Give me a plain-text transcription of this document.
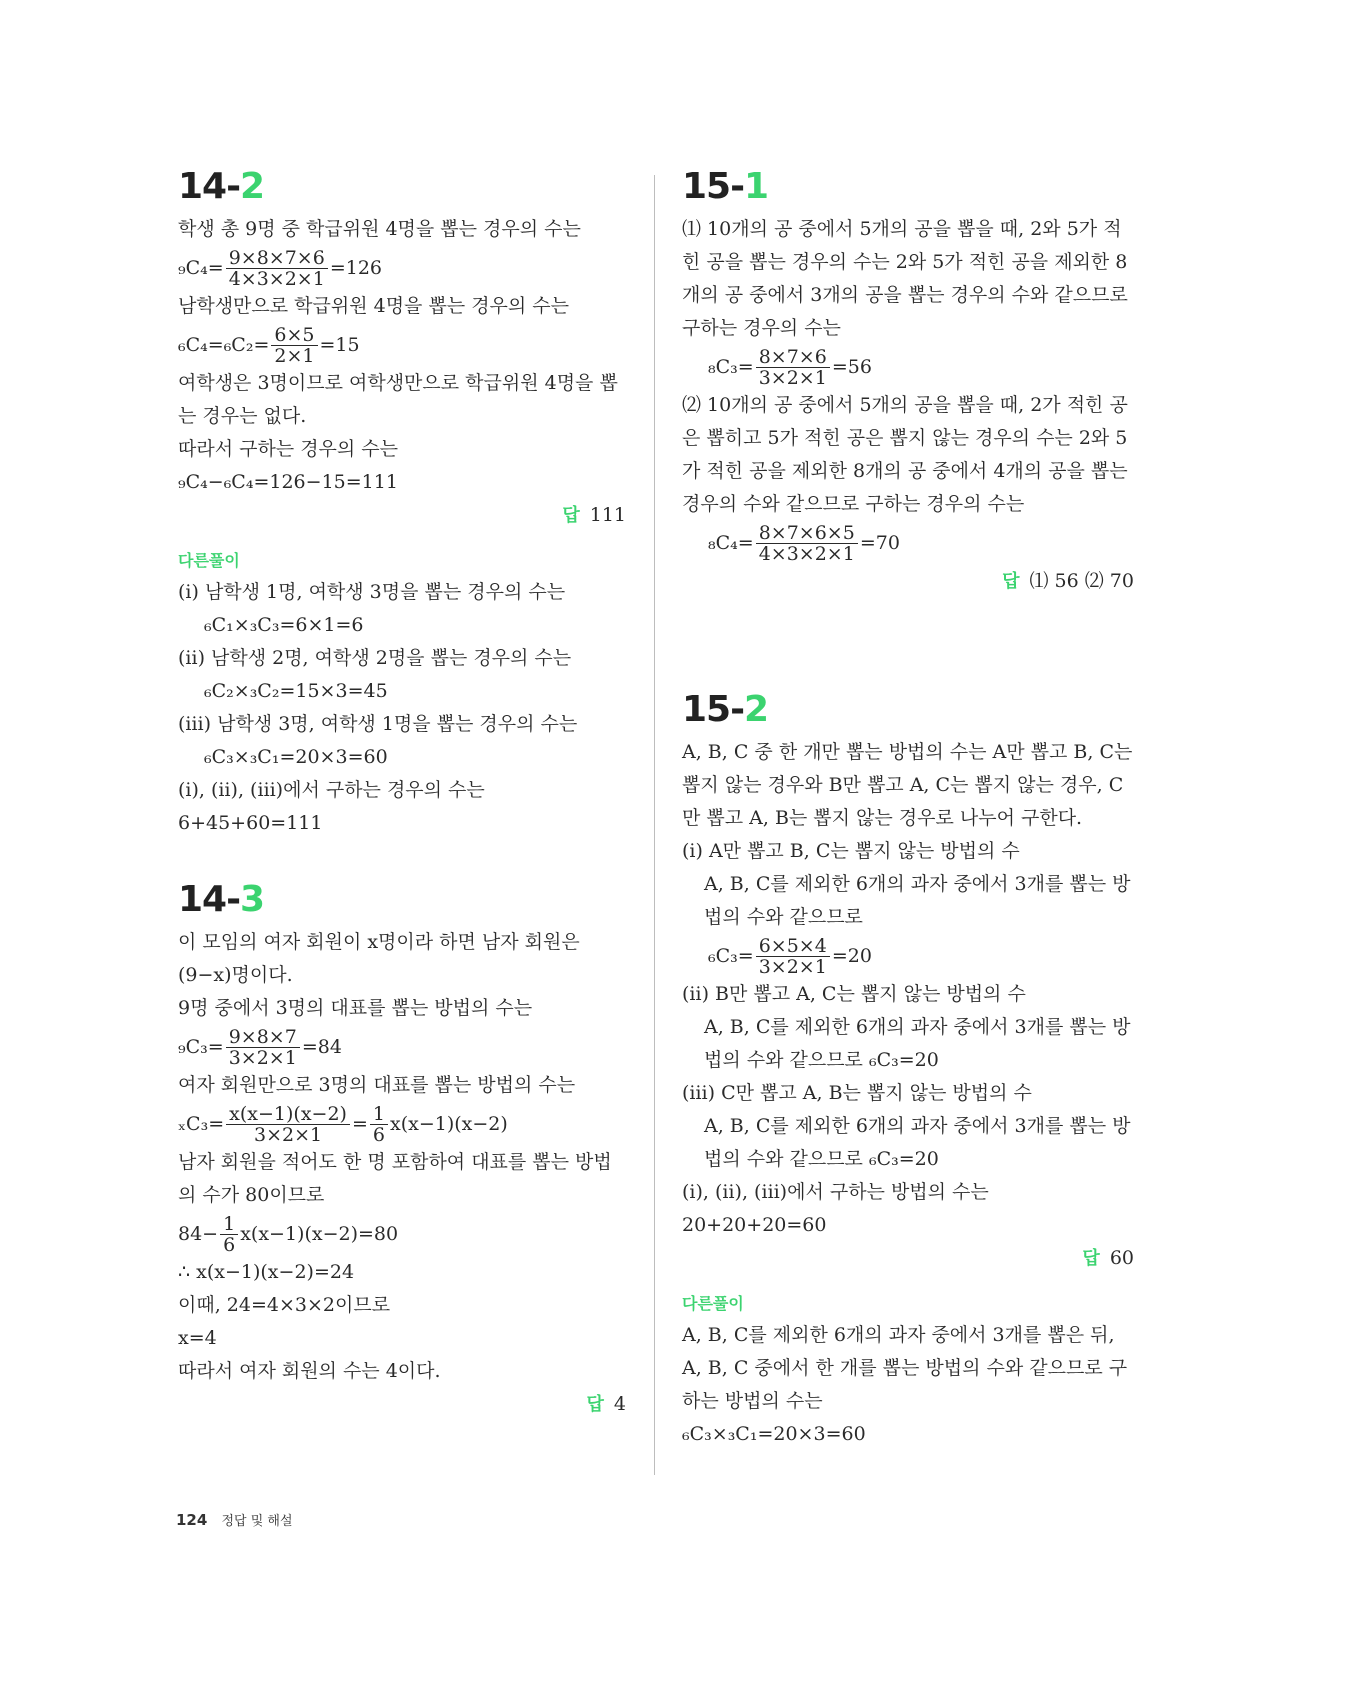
14-2
학생 총 9명 중 학급위원 4명을 뽑는 경우의 수는
$_9C_4= \frac{9\times 8\times 7\times 6}{4\times 3\times 2\times 1} =126$
남학생만으로 학급위원 4명을 뽑는 경우의 수는
$_6C_4=_6C_2= \frac{6\times 5}{2\times 1} =15$
여학생은 3명이므로 여학생만으로 학급위원 4명을 뽑는 경우는 없다.
따라서 구하는 경우의 수는
₉C₄−₆C₄=126−15=111
답 111
다른풀이
(ⅰ) 남학생 1명, 여학생 3명을 뽑는 경우의 수는
₆C₁×₃C₃=6×1=6
(ⅱ) 남학생 2명, 여학생 2명을 뽑는 경우의 수는
₆C₂×₃C₂=15×3=45
(ⅲ) 남학생 3명, 여학생 1명을 뽑는 경우의 수는
₆C₃×₃C₁=20×3=60
(ⅰ), (ⅱ), (ⅲ)에서 구하는 경우의 수는
6+45+60=111
14-3
이 모임의 여자 회원이 x명이라 하면 남자 회원은 (9−x)명이다.
9명 중에서 3명의 대표를 뽑는 방법의 수는
$_9C_3= \frac{9\times 8\times 7}{3\times 2\times 1} =84$
여자 회원만으로 3명의 대표를 뽑는 방법의 수는
$_xC_3= \frac{x(x-1)(x-2)}{3\times 2\times 1} = \frac{1}{6} x(x-1)(x-2)$
남자 회원을 적어도 한 명 포함하여 대표를 뽑는 방법의 수가 80이므로
$84- \frac{1}{6} x(x-1)(x-2)=80$
∴ x(x−1)(x−2)=24
이때, 24=4×3×2이므로
x=4
따라서 여자 회원의 수는 4이다.
답 4
15-1
⑴ 10개의 공 중에서 5개의 공을 뽑을 때, 2와 5가 적힌 공을 뽑는 경우의 수는 2와 5가 적힌 공을 제외한 8개의 공 중에서 3개의 공을 뽑는 경우의 수와 같으므로 구하는 경우의 수는
$_8C_3= \frac{8\times 7\times 6}{3\times 2\times 1} =56$
⑵ 10개의 공 중에서 5개의 공을 뽑을 때, 2가 적힌 공은 뽑히고 5가 적힌 공은 뽑지 않는 경우의 수는 2와 5가 적힌 공을 제외한 8개의 공 중에서 4개의 공을 뽑는 경우의 수와 같으므로 구하는 경우의 수는
$_8C_4= \frac{8\times 7\times 6\times 5}{4\times 3\times 2\times 1} =70$
답 ⑴ 56 ⑵ 70
15-2
A, B, C 중 한 개만 뽑는 방법의 수는 A만 뽑고 B, C는 뽑지 않는 경우와 B만 뽑고 A, C는 뽑지 않는 경우, C만 뽑고 A, B는 뽑지 않는 경우로 나누어 구한다.
(ⅰ) A만 뽑고 B, C는 뽑지 않는 방법의 수
A, B, C를 제외한 6개의 과자 중에서 3개를 뽑는 방법의 수와 같으므로
$_6C_3= \frac{6\times 5\times 4}{3\times 2\times 1} =20$
(ⅱ) B만 뽑고 A, C는 뽑지 않는 방법의 수
A, B, C를 제외한 6개의 과자 중에서 3개를 뽑는 방법의 수와 같으므로 ₆C₃=20
(ⅲ) C만 뽑고 A, B는 뽑지 않는 방법의 수
A, B, C를 제외한 6개의 과자 중에서 3개를 뽑는 방법의 수와 같으므로 ₆C₃=20
(ⅰ), (ⅱ), (ⅲ)에서 구하는 방법의 수는
20+20+20=60
답 60
다른풀이
A, B, C를 제외한 6개의 과자 중에서 3개를 뽑은 뒤, A, B, C 중에서 한 개를 뽑는 방법의 수와 같으므로 구하는 방법의 수는
₆C₃×₃C₁=20×3=60
124 정답 및 해설
